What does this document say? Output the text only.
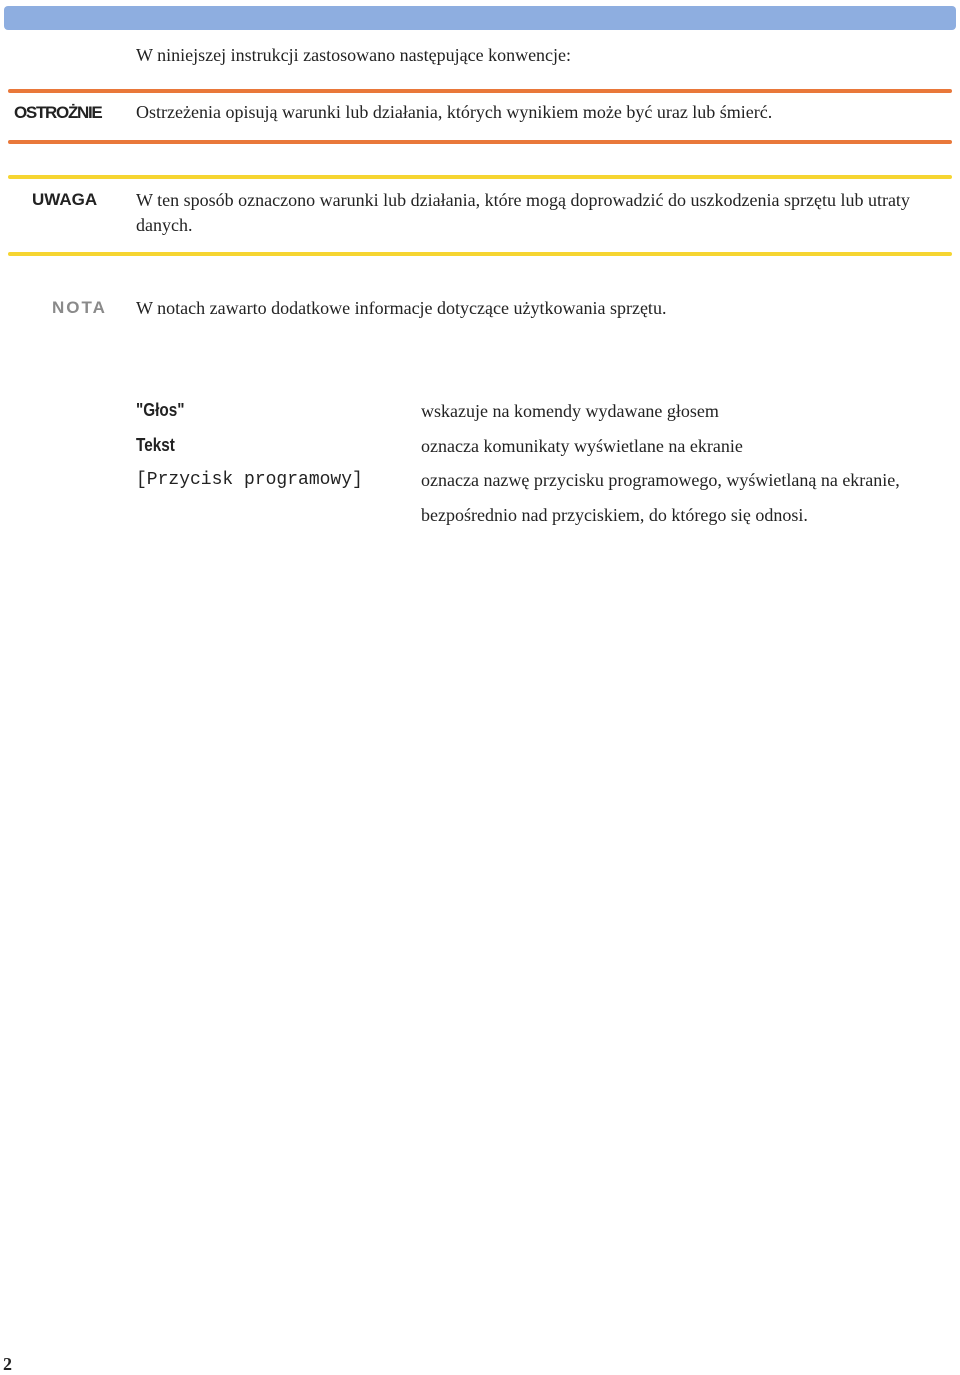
W niniejszej instrukcji zastosowano następujące konwencje:
OSTROŻNIE Ostrzeżenia opisują warunki lub działania, których wynikiem może być uraz lub śmierć.
UWAGA W ten sposób oznaczono warunki lub działania, które mogą doprowadzić do uszkodzenia sprzętu lub utraty danych.
NOTA W notach zawarto dodatkowe informacje dotyczące użytkowania sprzętu.
"Głos"	wskazuje na komendy wydawane głosem
Tekst	oznacza komunikaty wyświetlane na ekranie
[Przycisk programowy]	oznacza nazwę przycisku programowego, wyświetlaną na ekranie, bezpośrednio nad przyciskiem, do którego się odnosi.
2
